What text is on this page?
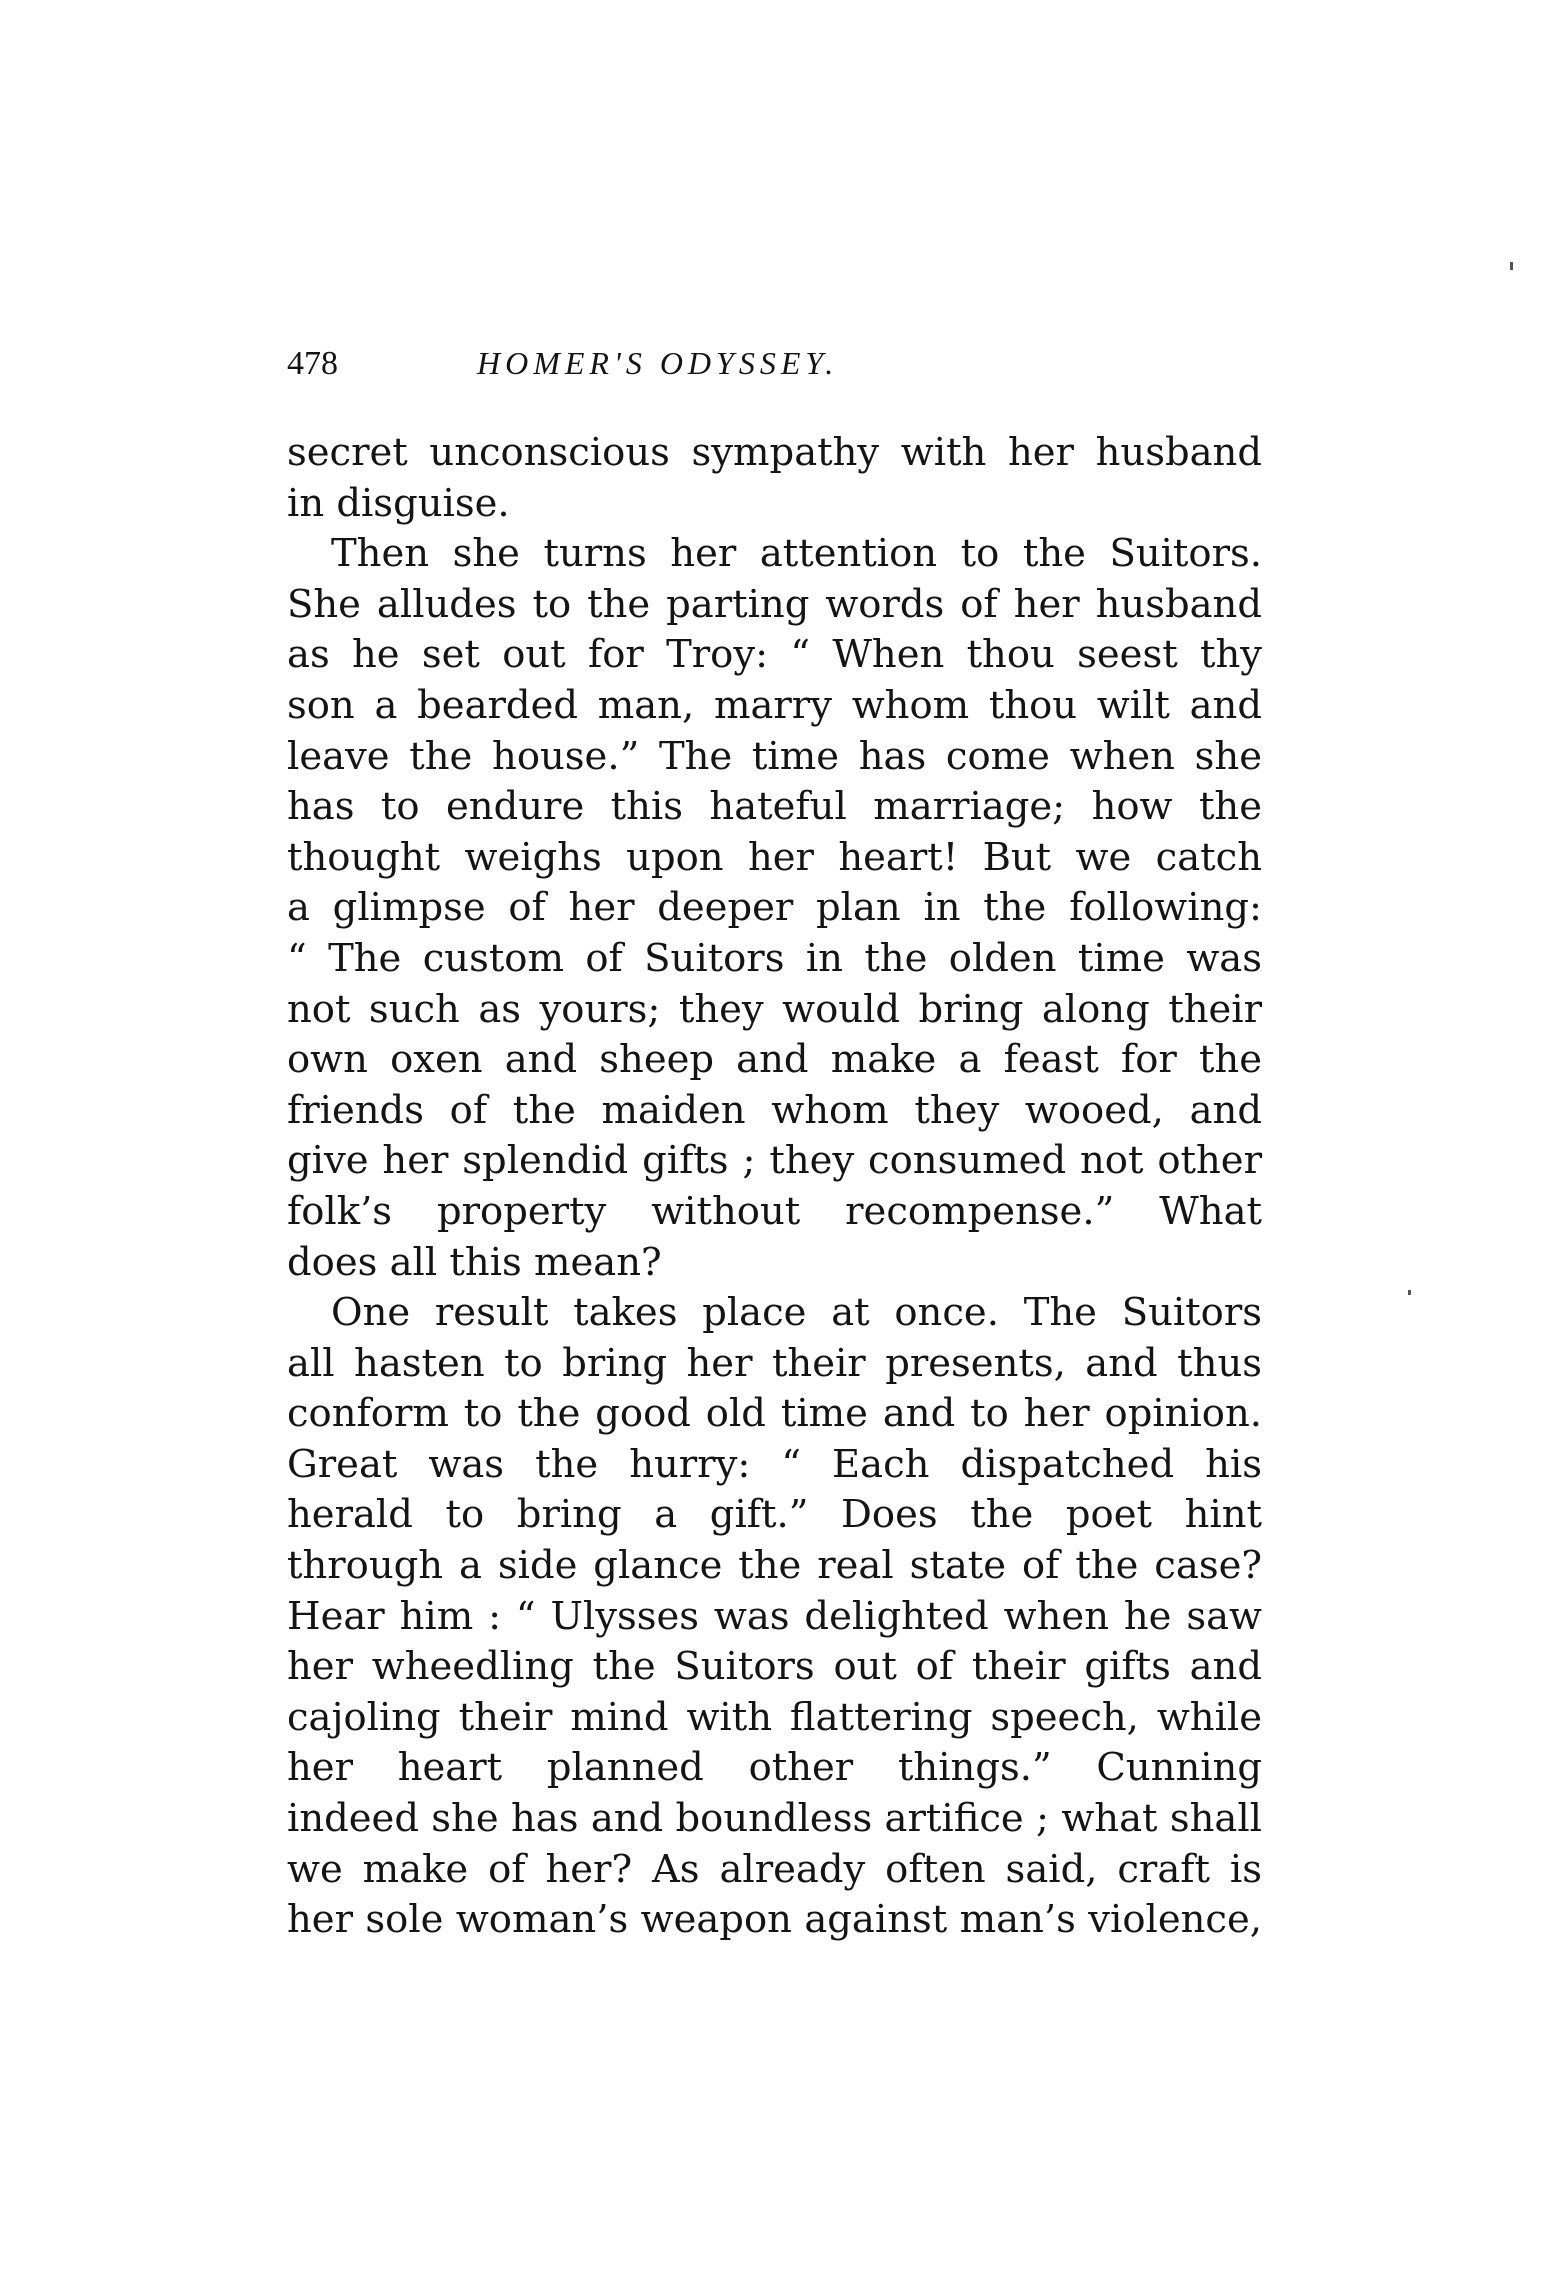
478	HOMER'S ODYSSEY.
secret unconscious sympathy with her husband
in disguise.
Then she turns her attention to the Suitors.
She alludes to the parting words of her husband
as he set out for Troy: “ When thou seest thy
son a bearded man, marry whom thou wilt and
leave the house.” The time has come when she
has to endure this hateful marriage; how the
thought weighs upon her heart! But we catch
a glimpse of her deeper plan in the following:
“ The custom of Suitors in the olden time was
not such as yours; they would bring along their
own oxen and sheep and make a feast for the
friends of the maiden whom they wooed, and
give her splendid gifts ; they consumed not other
folk’s property without recompense.” What
does all this mean?
One result takes place at once. The Suitors
all hasten to bring her their presents, and thus
conform to the good old time and to her opinion.
Great was the hurry: “ Each dispatched his
herald to bring a gift.” Does the poet hint
through a side glance the real state of the case?
Hear him : “ Ulysses was delighted when he saw
her wheedling the Suitors out of their gifts and
cajoling their mind with flattering speech, while
her heart planned other things.” Cunning
indeed she has and boundless artifice ; what shall
we make of her? As already often said, craft is
her sole woman’s weapon against man’s violence,
